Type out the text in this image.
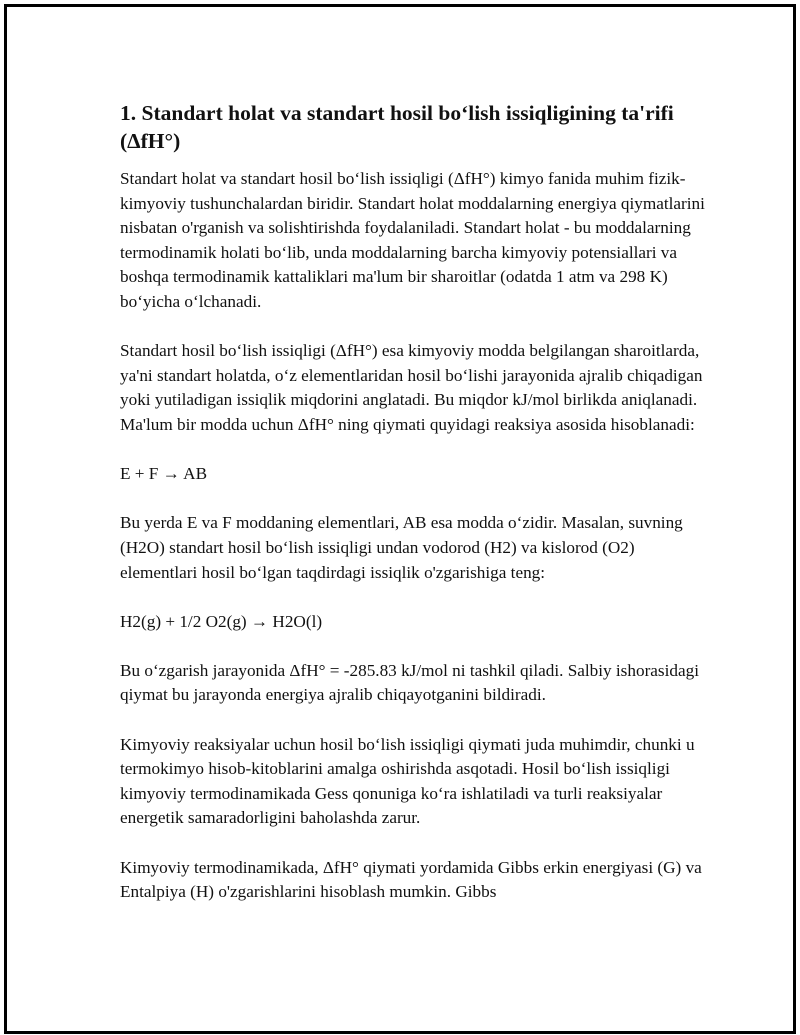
1. Standart holat va standart hosil bo‘lish issiqligining ta'rifi (ΔfH°)

Standart holat va standart hosil bo‘lish issiqligi (ΔfH°) kimyo fanida muhim fizik-kimyoviy tushunchalardan biridir. Standart holat moddalarning energiya qiymatlarini nisbatan o'rganish va solishtirishda foydalaniladi. Standart holat - bu moddalarning termodinamik holati bo‘lib, unda moddalarning barcha kimyoviy potensiallari va boshqa termodinamik kattaliklari ma'lum bir sharoitlar (odatda 1 atm va 298 K) bo‘yicha o‘lchanadi.

Standart hosil bo‘lish issiqligi (ΔfH°) esa kimyoviy modda belgilangan sharoitlarda, ya'ni standart holatda, o‘z elementlaridan hosil bo‘lishi jarayonida ajralib chiqadigan yoki yutiladigan issiqlik miqdorini anglatadi. Bu miqdor kJ/mol birlikda aniqlanadi. Ma'lum bir modda uchun ΔfH° ning qiymati quyidagi reaksiya asosida hisoblanadi:

E + F → AB

Bu yerda E va F moddaning elementlari, AB esa modda o‘zidir. Masalan, suvning (H2O) standart hosil bo‘lish issiqligi undan vodorod (H2) va kislorod (O2) elementlari hosil bo‘lgan taqdirdagi issiqlik o'zgarishiga teng:

H2(g) + 1/2 O2(g) → H2O(l)

Bu o‘zgarish jarayonida ΔfH° = -285.83 kJ/mol ni tashkil qiladi. Salbiy ishorasidagi qiymat bu jarayonda energiya ajralib chiqayotganini bildiradi.

Kimyoviy reaksiyalar uchun hosil bo‘lish issiqligi qiymati juda muhimdir, chunki u termokimyo hisob-kitoblarini amalga oshirishda asqotadi. Hosil bo‘lish issiqligi kimyoviy termodinamikada Gess qonuniga ko‘ra ishlatiladi va turli reaksiyalar energetik samaradorligini baholashda zarur.

Kimyoviy termodinamikada, ΔfH° qiymati yordamida Gibbs erkin energiyasi (G) va Entalpiya (H) o'zgarishlarini hisoblash mumkin. Gibbs
